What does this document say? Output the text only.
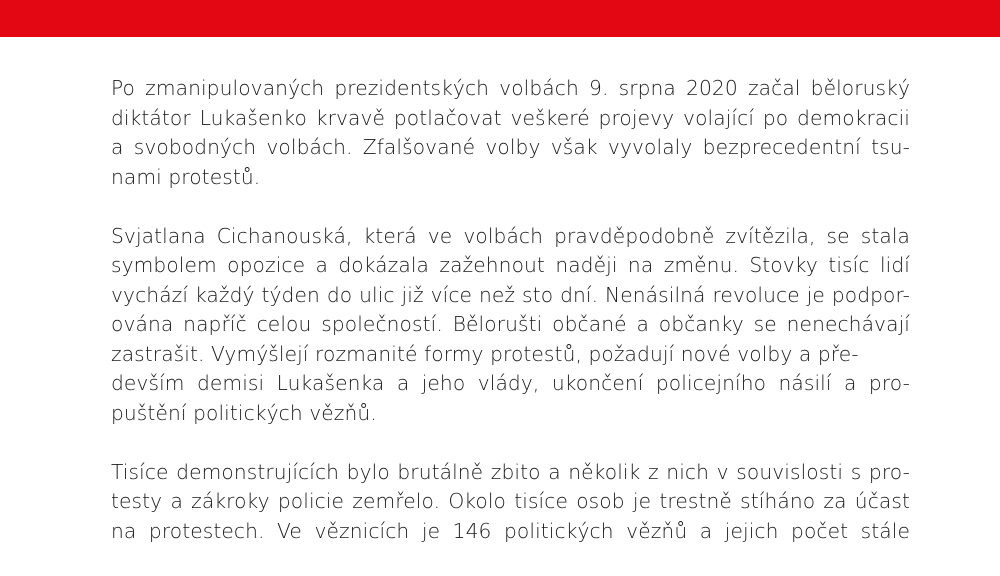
Po zmanipulovaných prezidentských volbách 9. srpna 2020 začal běloruský
diktátor Lukašenko krvavě potlačovat veškeré projevy volající po demokracii
a svobodných volbách. Zfalšované volby však vyvolaly bezprecedentní tsu-
nami protestů.

Svjatlana Cichanouská, která ve volbách pravděpodobně zvítězila, se stala
symbolem opozice a dokázala zažehnout naději na změnu. Stovky tisíc lidí
vychází každý týden do ulic již více než sto dní. Nenásilná revoluce je podpor-
ována napříč celou společností. Bělorušti občané a občanky se nenechávají
zastrašit. Vymýšlejí rozmanité formy protestů, požadují nové volby a pře-
devším demisi Lukašenka a jeho vlády, ukončení policejního násilí a pro-
puštění politických vězňů.

Tisíce demonstrujících bylo brutálně zbito a několik z nich v souvislosti s pro-
testy a zákroky policie zemřelo. Okolo tisíce osob je trestně stíháno za účast
na protestech. Ve věznicích je 146 politických vězňů a jejich počet stále
